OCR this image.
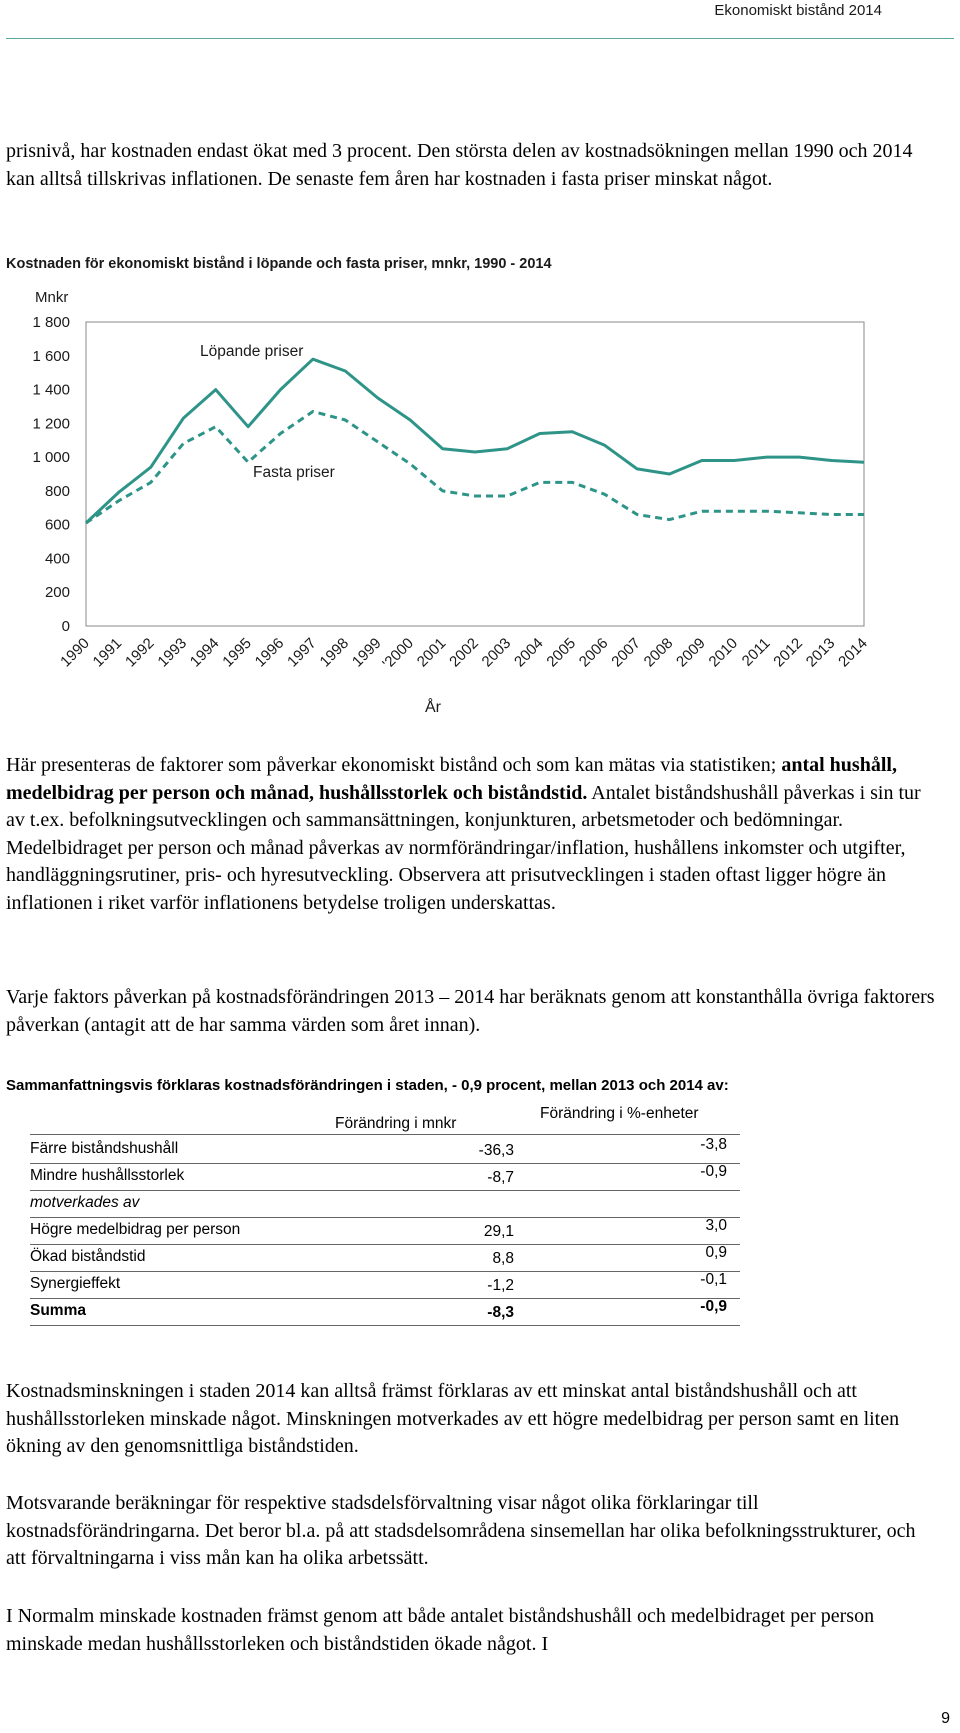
Ekonomiskt bistånd 2014

prisnivå, har kostnaden endast ökat med 3 procent. Den största delen av kostnadsökningen mellan 1990 och 2014 kan alltså tillskrivas inflationen. De senaste fem åren har kostnaden i fasta priser minskat något.

Kostnaden för ekonomiskt bistånd i löpande och fasta priser, mnkr, 1990 - 2014
Mnkr
År
1 800
1 600
1 400
1 200
1 000
800
600
400
200
0
1990
1991
1992
1993
1994
1995
1996
1997
1998
1999
'2000
2001
2002
2003
2004
2005
2006
2007
2008
2009
2010
2011
2012
2013
2014
Löpande priser
Fasta priser

Här presenteras de faktorer som påverkar ekonomiskt bistånd och som kan mätas via statistiken; antal hushåll, medelbidrag per person och månad, hushållsstorlek och biståndstid. Antalet biståndshushåll påverkas i sin tur av t.ex. befolkningsutvecklingen och sammansättningen, konjunkturen, arbetsmetoder och bedömningar. Medelbidraget per person och månad påverkas av normförändringar/inflation, hushållens inkomster och utgifter, handläggningsrutiner, pris- och hyresutveckling. Observera att prisutvecklingen i staden oftast ligger högre än inflationen i riket varför inflationens betydelse troligen underskattas.

Varje faktors påverkan på kostnadsförändringen 2013 – 2014 har beräknats genom att konstanthålla övriga faktorers påverkan (antagit att de har samma värden som året innan).

Sammanfattningsvis förklaras kostnadsförändringen i staden, - 0,9 procent, mellan 2013 och 2014 av:
Förändring i mnkr
Förändring i %-enheter
Färre biståndshushåll	-36,3	-3,8
Mindre hushållsstorlek	-8,7	-0,9
motverkades av
Högre medelbidrag per person	29,1	3,0
Ökad biståndstid	8,8	0,9
Synergieffekt	-1,2	-0,1
Summa	-8,3	-0,9

Kostnadsminskningen i staden 2014 kan alltså främst förklaras av ett minskat antal biståndshushåll och att hushållsstorleken minskade något. Minskningen motverkades av ett högre medelbidrag per person samt en liten ökning av den genomsnittliga biståndstiden.

Motsvarande beräkningar för respektive stadsdelsförvaltning visar något olika förklaringar till kostnadsförändringarna. Det beror bl.a. på att stadsdelsområdena sinsemellan har olika befolkningsstrukturer, och att förvaltningarna i viss mån kan ha olika arbetssätt.

I Normalm minskade kostnaden främst genom att både antalet biståndshushåll och medelbidraget per person minskade medan hushållsstorleken och biståndstiden ökade något. I

9
